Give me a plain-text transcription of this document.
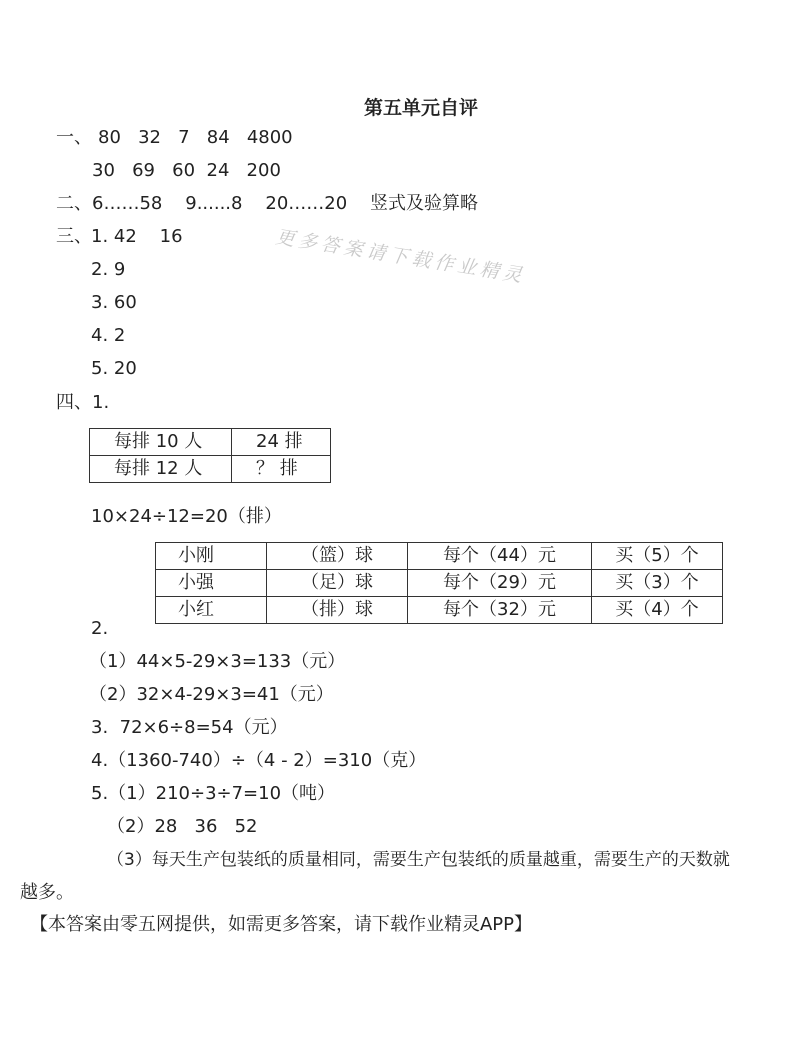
第五单元自评
更多答案请下载作业精灵
一、 80   32   7   84   4800
30   69   60  24   200
二、 6……58    9......8    20……20    竖式及验算略
三、 1. 42    16
2. 9
3. 60
4. 2
5. 20
四、1.
每排 10 人	24 排
每排 12 人	？ 排
10×24÷12=20（排）
小刚	（篮）球	每个（44）元	买（5）个
小强	（足）球	每个（29）元	买（3）个
小红	（排）球	每个（32）元	买（4）个
2.
（1）44×5-29×3=133（元）
（2）32×4-29×3=41（元）
3.  72×6÷8=54（元）
4.（1360-740）÷（4 - 2）=310（克）
5.（1）210÷3÷7=10（吨）
（2）28   36   52
（3）每天生产包装纸的质量相同，需要生产包装纸的质量越重，需要生产的天数就
越多。
【本答案由零五网提供，如需更多答案，请下载作业精灵APP】
